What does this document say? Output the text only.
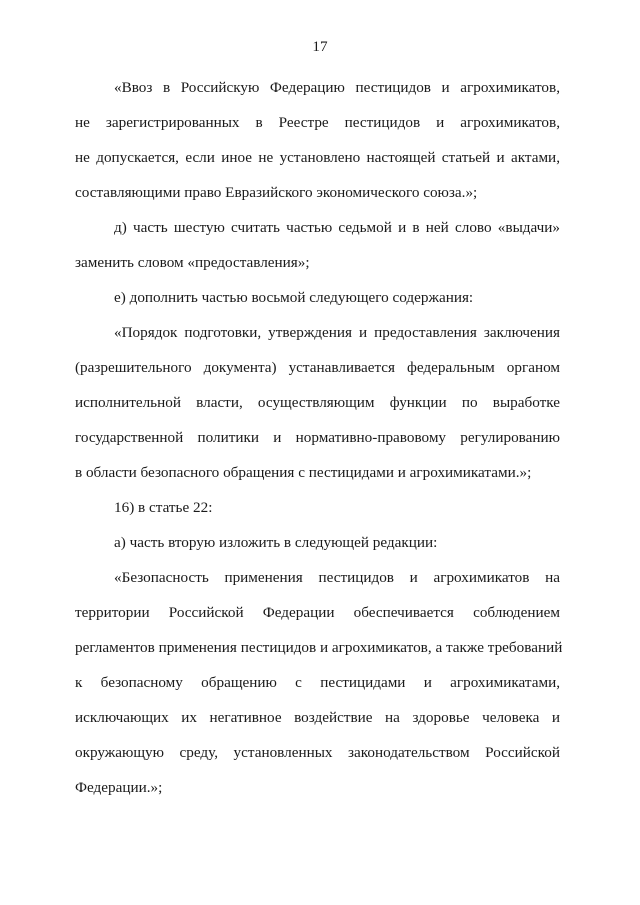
17
«Ввоз в Российскую Федерацию пестицидов и агрохимикатов,
не зарегистрированных в Реестре пестицидов и агрохимикатов,
не допускается, если иное не установлено настоящей статьей и актами,
составляющими право Евразийского экономического союза.»;
д) часть шестую считать частью седьмой и в ней слово «выдачи»
заменить словом «предоставления»;
е) дополнить частью восьмой следующего содержания:
«Порядок подготовки, утверждения и предоставления заключения
(разрешительного документа) устанавливается федеральным органом
исполнительной власти, осуществляющим функции по выработке
государственной политики и нормативно-правовому регулированию
в области безопасного обращения с пестицидами и агрохимикатами.»;
16) в статье 22:
а) часть вторую изложить в следующей редакции:
«Безопасность применения пестицидов и агрохимикатов на
территории Российской Федерации обеспечивается соблюдением
регламентов применения пестицидов и агрохимикатов, а также требований
к безопасному обращению с пестицидами и агрохимикатами,
исключающих их негативное воздействие на здоровье человека и
окружающую среду, установленных законодательством Российской
Федерации.»;
